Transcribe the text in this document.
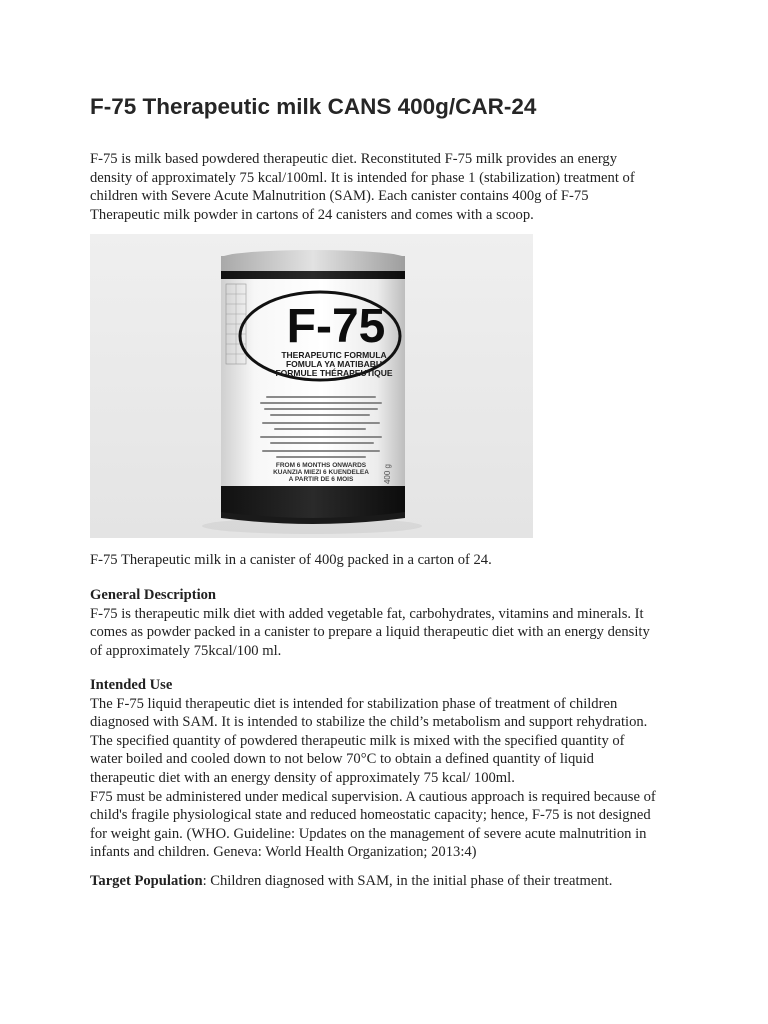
F-75 Therapeutic milk CANS 400g/CAR-24

F-75 is milk based powdered therapeutic diet. Reconstituted F-75 milk provides an energy
density of approximately 75 kcal/100ml. It is intended for phase 1 (stabilization) treatment of
children with Severe Acute Malnutrition (SAM). Each canister contains 400g of F-75
Therapeutic milk powder in cartons of 24 canisters and comes with a scoop.

F-75
THERAPEUTIC FORMULA
FOMULA YA MATIBABU
FORMULE THÉRAPEUTIQUE
FROM 6 MONTHS ONWARDS
KUANZIA MIEZI 6 KUENDELEA
A PARTIR DE 6 MOIS	400 g

F-75 Therapeutic milk in a canister of 400g packed in a carton of 24.

General Description

F-75 is therapeutic milk diet with added vegetable fat, carbohydrates, vitamins and minerals. It
comes as powder packed in a canister to prepare a liquid therapeutic diet with an energy density
of approximately 75kcal/100 ml.

Intended Use

The F-75 liquid therapeutic diet is intended for stabilization phase of treatment of children
diagnosed with SAM. It is intended to stabilize the child’s metabolism and support rehydration.
The specified quantity of powdered therapeutic milk is mixed with the specified quantity of
water boiled and cooled down to not below 70°C to obtain a defined quantity of liquid
therapeutic diet with an energy density of approximately 75 kcal/ 100ml.
F75 must be administered under medical supervision. A cautious approach is required because of
child's fragile physiological state and reduced homeostatic capacity; hence, F-75 is not designed
for weight gain. (WHO. Guideline: Updates on the management of severe acute malnutrition in
infants and children. Geneva: World Health Organization; 2013:4)

Target Population: Children diagnosed with SAM, in the initial phase of their treatment.
